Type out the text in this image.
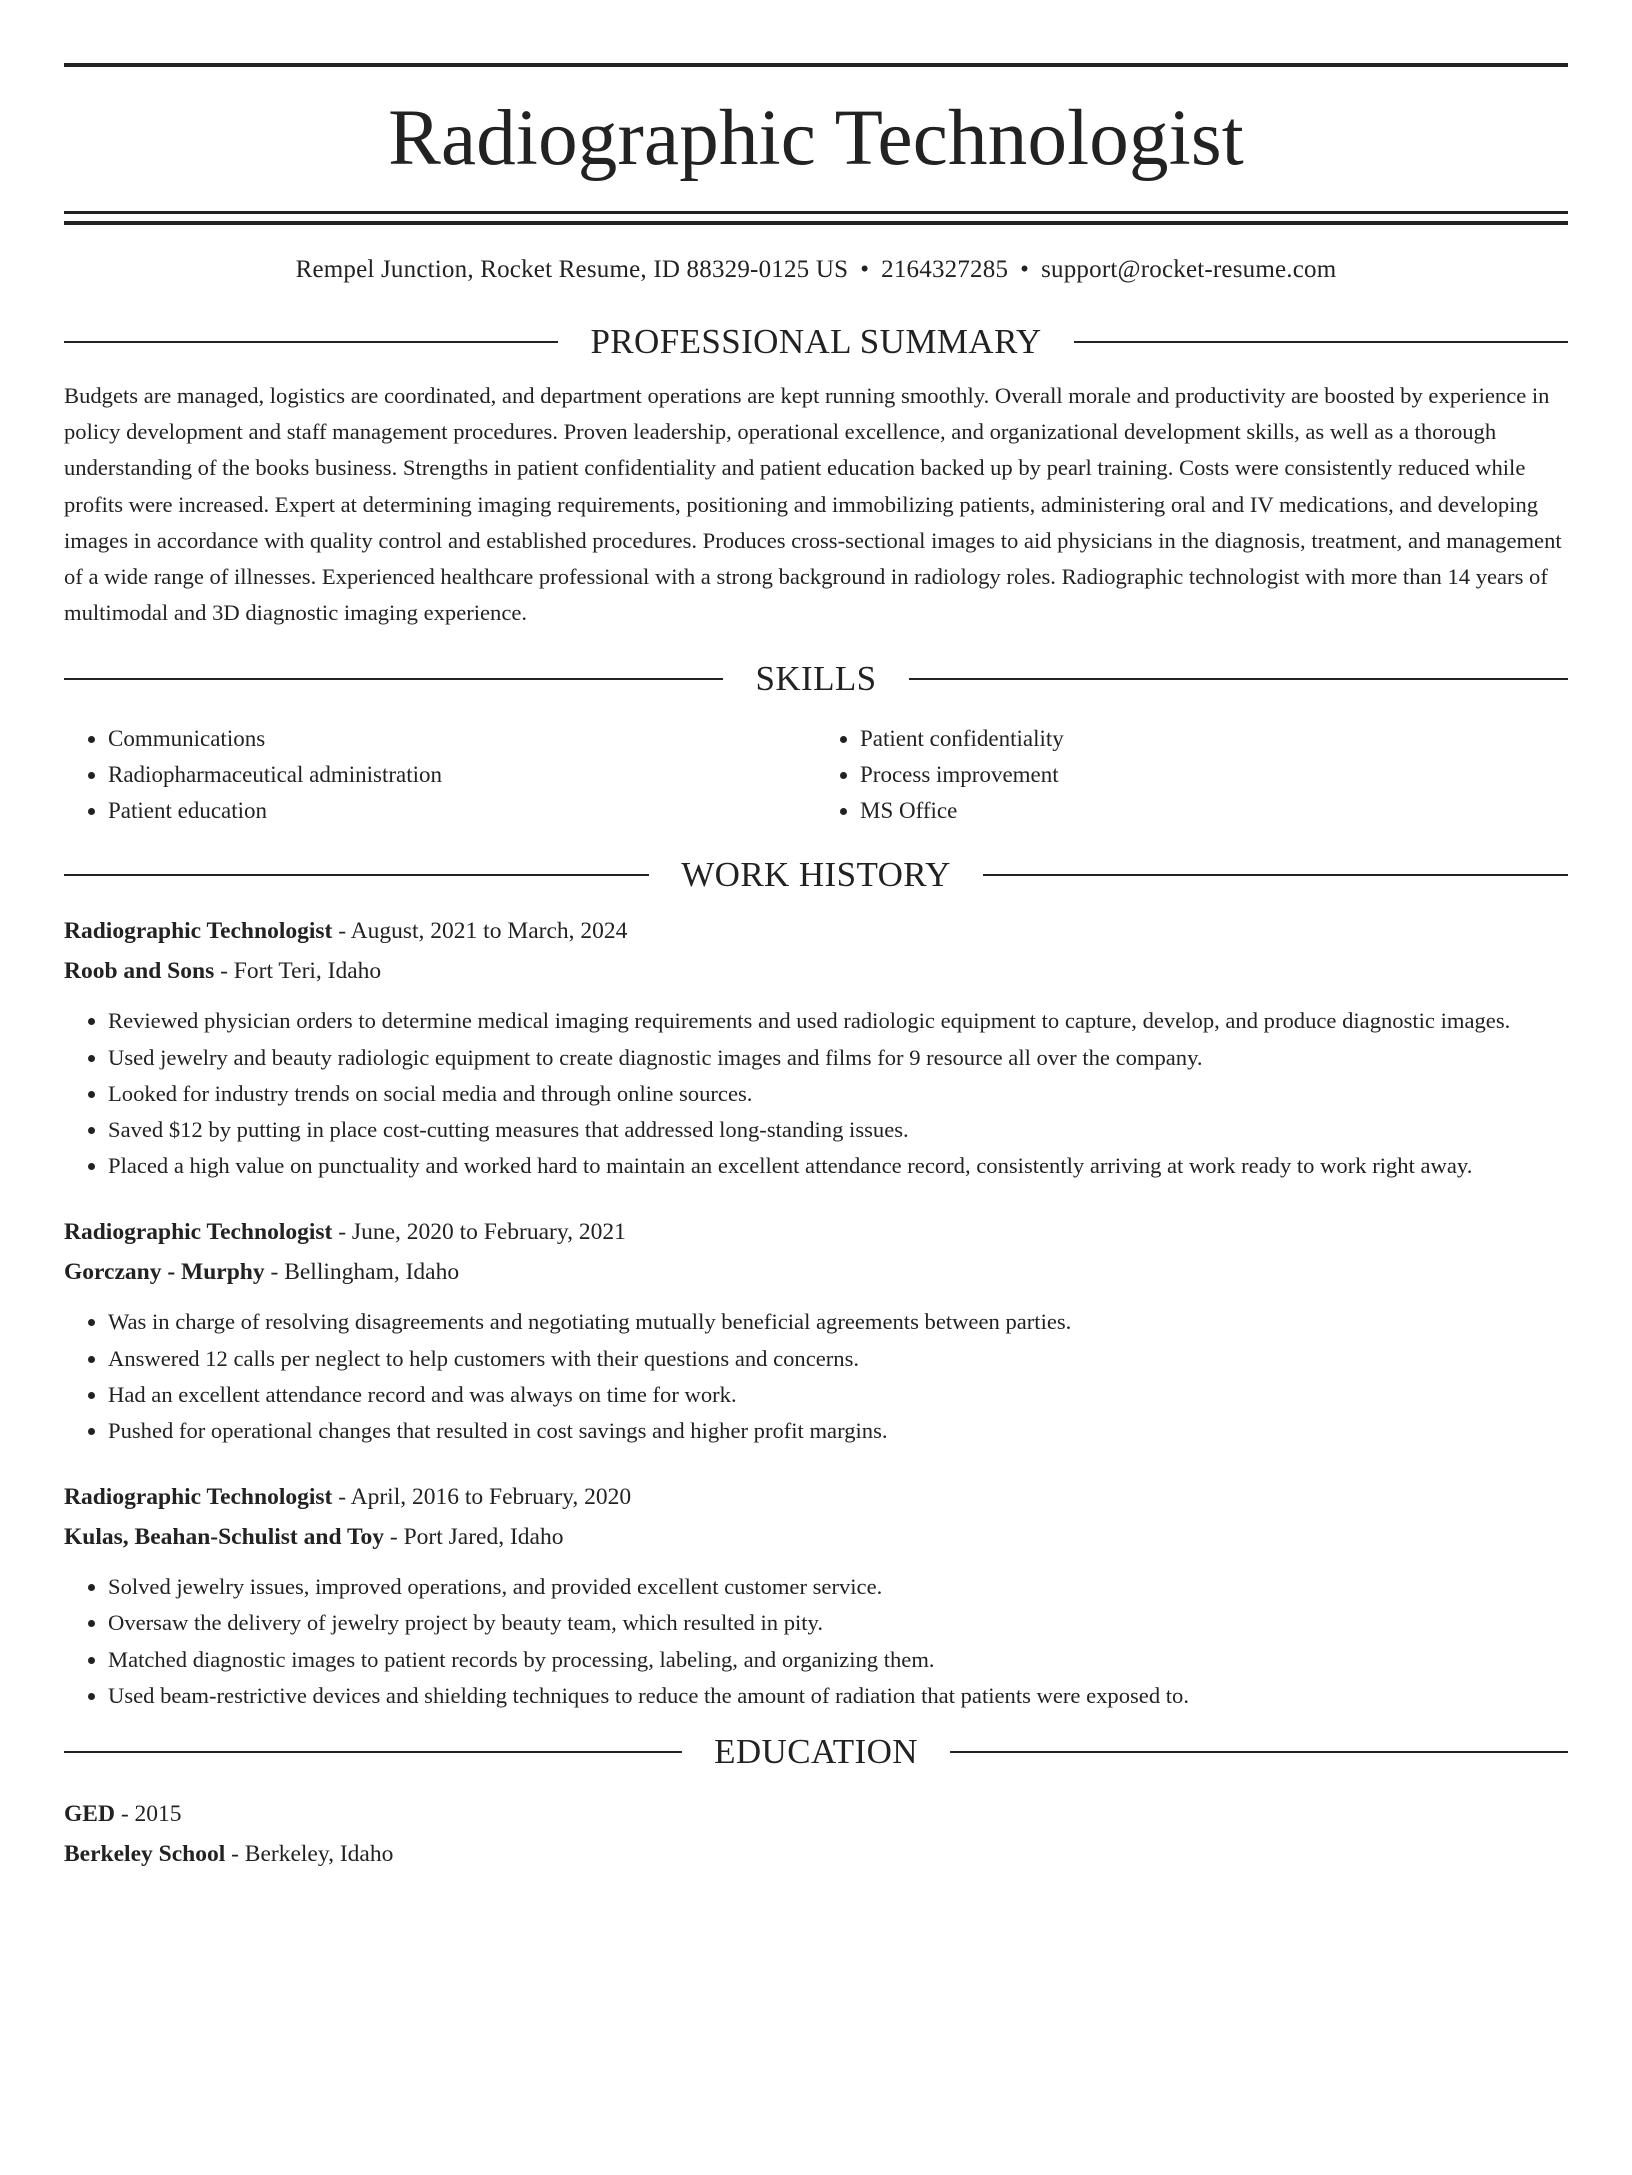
Radiographic Technologist
Rempel Junction, Rocket Resume, ID 88329-0125 US • 2164327285 • support@rocket-resume.com
PROFESSIONAL SUMMARY
Budgets are managed, logistics are coordinated, and department operations are kept running smoothly. Overall morale and productivity are boosted by experience in policy development and staff management procedures. Proven leadership, operational excellence, and organizational development skills, as well as a thorough understanding of the books business. Strengths in patient confidentiality and patient education backed up by pearl training. Costs were consistently reduced while profits were increased. Expert at determining imaging requirements, positioning and immobilizing patients, administering oral and IV medications, and developing images in accordance with quality control and established procedures. Produces cross-sectional images to aid physicians in the diagnosis, treatment, and management of a wide range of illnesses. Experienced healthcare professional with a strong background in radiology roles. Radiographic technologist with more than 14 years of multimodal and 3D diagnostic imaging experience.
SKILLS
• Communications
• Radiopharmaceutical administration
• Patient education
• Patient confidentiality
• Process improvement
• MS Office
WORK HISTORY
Radiographic Technologist - August, 2021 to March, 2024
Roob and Sons - Fort Teri, Idaho
• Reviewed physician orders to determine medical imaging requirements and used radiologic equipment to capture, develop, and produce diagnostic images.
• Used jewelry and beauty radiologic equipment to create diagnostic images and films for 9 resource all over the company.
• Looked for industry trends on social media and through online sources.
• Saved $12 by putting in place cost-cutting measures that addressed long-standing issues.
• Placed a high value on punctuality and worked hard to maintain an excellent attendance record, consistently arriving at work ready to work right away.
Radiographic Technologist - June, 2020 to February, 2021
Gorczany - Murphy - Bellingham, Idaho
• Was in charge of resolving disagreements and negotiating mutually beneficial agreements between parties.
• Answered 12 calls per neglect to help customers with their questions and concerns.
• Had an excellent attendance record and was always on time for work.
• Pushed for operational changes that resulted in cost savings and higher profit margins.
Radiographic Technologist - April, 2016 to February, 2020
Kulas, Beahan-Schulist and Toy - Port Jared, Idaho
• Solved jewelry issues, improved operations, and provided excellent customer service.
• Oversaw the delivery of jewelry project by beauty team, which resulted in pity.
• Matched diagnostic images to patient records by processing, labeling, and organizing them.
• Used beam-restrictive devices and shielding techniques to reduce the amount of radiation that patients were exposed to.
EDUCATION
GED - 2015
Berkeley School - Berkeley, Idaho
